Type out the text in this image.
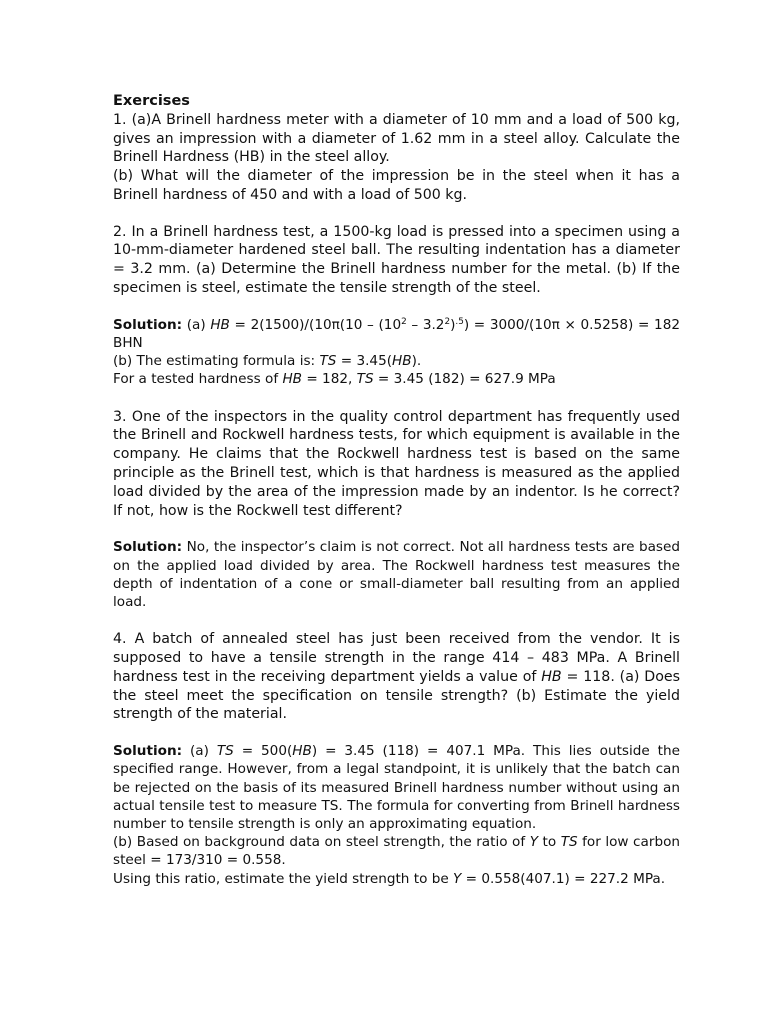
Exercises

1. (a)A Brinell hardness meter with a diameter of 10 mm and a load of 500 kg, gives an impression with a diameter of 1.62 mm in a steel alloy. Calculate the Brinell Hardness (HB) in the steel alloy.

(b) What will the diameter of the impression be in the steel when it has a Brinell hardness of 450 and with a load of 500 kg.

2. In a Brinell hardness test, a 1500-kg load is pressed into a specimen using a 10-mm-diameter hardened steel ball. The resulting indentation has a diameter = 3.2 mm. (a) Determine the Brinell hardness number for the metal. (b) If the specimen is steel, estimate the tensile strength of the steel.

Solution: (a) HB = $2(1500)/(10\pi(10 - (10^2 - 3.2^2)^{.5}) = 3000/(10\pi \times 0.5258) = 182$ BHN

(b) The estimating formula is: TS = 3.45(HB).

For a tested hardness of HB = 182, TS = 3.45 (182) = 627.9 MPa

3. One of the inspectors in the quality control department has frequently used the Brinell and Rockwell hardness tests, for which equipment is available in the company. He claims that the Rockwell hardness test is based on the same principle as the Brinell test, which is that hardness is measured as the applied load divided by the area of the impression made by an indentor. Is he correct? If not, how is the Rockwell test different?

Solution: No, the inspector’s claim is not correct. Not all hardness tests are based on the applied load divided by area. The Rockwell hardness test measures the depth of indentation of a cone or small-diameter ball resulting from an applied load.

4. A batch of annealed steel has just been received from the vendor. It is supposed to have a tensile strength in the range 414 – 483 MPa. A Brinell hardness test in the receiving department yields a value of HB = 118. (a) Does the steel meet the specification on tensile strength? (b) Estimate the yield strength of the material.

Solution: (a) TS = 500(HB) = 3.45 (118) = 407.1 MPa. This lies outside the specified range. However, from a legal standpoint, it is unlikely that the batch can be rejected on the basis of its measured Brinell hardness number without using an actual tensile test to measure TS. The formula for converting from Brinell hardness number to tensile strength is only an approximating equation.

(b) Based on background data on steel strength, the ratio of Y to TS for low carbon steel = 173/310 = 0.558.

Using this ratio, estimate the yield strength to be Y = 0.558(407.1) = 227.2 MPa.
